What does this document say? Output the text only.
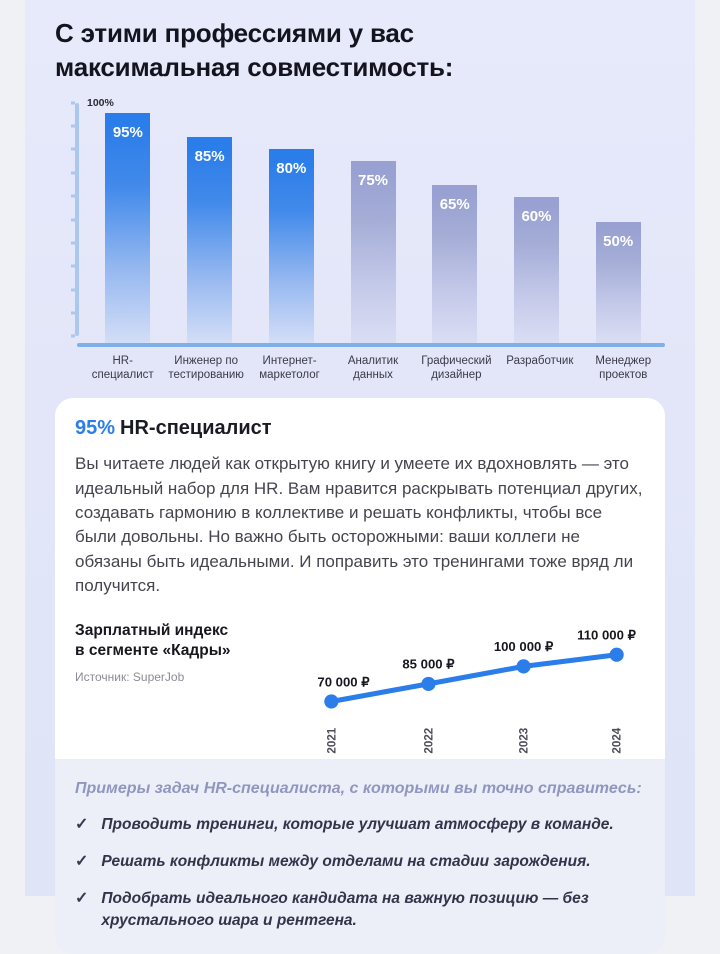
С этими профессиями у вас
максимальная совместимость:
100%
95%
85%
80%
75%
65%
60%
50%
HR-специалист
Инженер по тестированию
Интернет-маркетолог
Аналитик данных
Графический дизайнер
Разработчик	Менеджер проектов
95% HR-специалист

Вы читаете людей как открытую книгу и умеете их вдохновлять — это идеальный набор для HR. Вам нравится раскрывать потенциал других, создавать гармонию в коллективе и решать конфликты, чтобы все были довольны. Но важно быть осторожными: ваши коллеги не обязаны быть идеальными. И поправить это тренингами тоже вряд ли получится.

Зарплатный индекс
в сегменте «Кадры»
Источник: SuperJob	70 000 ₽
2021
85 000 ₽
2022
100 000 ₽
2023
110 000 ₽
2024
Примеры задач HR-специалиста, с которыми вы точно справитесь:
✓ Проводить тренинги, которые улучшат атмосферу в команде.
✓ Решать конфликты между отделами на стадии зарождения.
✓ Подобрать идеального кандидата на важную позицию — без хрустального шара и рентгена.
